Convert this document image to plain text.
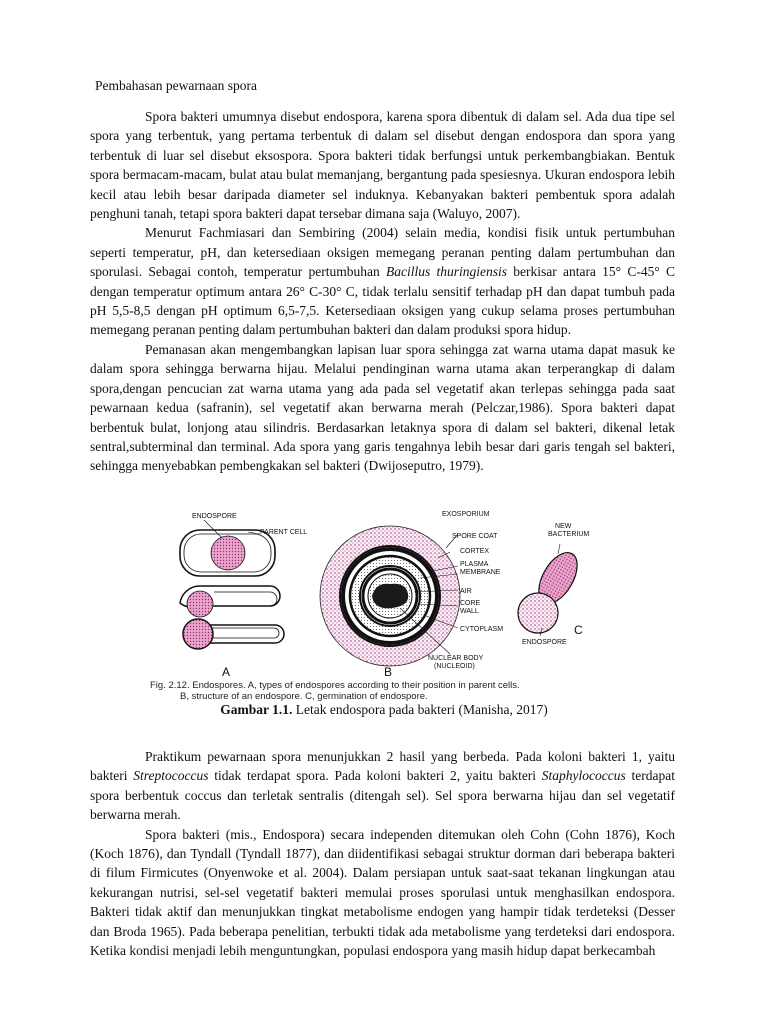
Pembahasan pewarnaan spora

Spora bakteri umumnya disebut endospora, karena spora dibentuk di dalam sel. Ada dua tipe sel spora yang terbentuk, yang pertama terbentuk di dalam sel disebut dengan endospora dan spora yang terbentuk di luar sel disebut eksospora. Spora bakteri tidak berfungsi untuk perkembangbiakan. Bentuk spora bermacam-macam, bulat atau bulat memanjang, bergantung pada spesiesnya. Ukuran endospora lebih kecil atau lebih besar daripada diameter sel induknya. Kebanyakan bakteri pembentuk spora adalah penghuni tanah, tetapi spora bakteri dapat tersebar dimana saja (Waluyo, 2007).

Menurut Fachmiasari dan Sembiring (2004) selain media, kondisi fisik untuk pertumbuhan seperti temperatur, pH, dan ketersediaan oksigen memegang peranan penting dalam pertumbuhan dan sporulasi. Sebagai contoh, temperatur pertumbuhan Bacillus thuringiensis berkisar antara 15° C-45° C dengan temperatur optimum antara 26° C-30° C, tidak terlalu sensitif terhadap pH dan dapat tumbuh pada pH 5,5-8,5 dengan pH optimum 6,5-7,5. Ketersediaan oksigen yang cukup selama proses pertumbuhan memegang peranan penting dalam pertumbuhan bakteri dan dalam produksi spora hidup.

Pemanasan akan mengembangkan lapisan luar spora sehingga zat warna utama dapat masuk ke dalam spora sehingga berwarna hijau. Melalui pendinginan warna utama akan terperangkap di dalam spora,dengan pencucian zat warna utama yang ada pada sel vegetatif akan terlepas sehingga pada saat pewarnaan kedua (safranin), sel vegetatif akan berwarna merah (Pelczar,1986). Spora bakteri dapat berbentuk bulat, lonjong atau silindris. Berdasarkan letaknya spora di dalam sel bakteri, dikenal letak sentral,subterminal dan terminal. Ada spora yang garis tengahnya lebih besar dari garis tengah sel bakteri, sehingga menyebabkan pembengkakan sel bakteri (Dwijoseputro, 1979).

ENDOSPORE
PARENT CELL
A
EXOSPORIUM
SPORE COAT
CORTEX
PLASMA
MEMBRANE
AIR
CORE
WALL
CYTOPLASM
NUCLEAR BODY
(NUCLEOID)
B
NEW
BACTERIUM
ENDOSPORE
C
Fig. 2.12. Endospores. A, types of endospores according to their position in parent cells.
B, structure of an endospore. C, germination of endospore.
Gambar 1.1. Letak endospora pada bakteri (Manisha, 2017)

Praktikum pewarnaan spora menunjukkan 2 hasil yang berbeda. Pada koloni bakteri 1, yaitu bakteri Streptococcus tidak terdapat spora. Pada koloni bakteri 2, yaitu bakteri Staphylococcus terdapat spora berbentuk coccus dan terletak sentralis (ditengah sel). Sel spora berwarna hijau dan sel vegetatif berwarna merah.

Spora bakteri (mis., Endospora) secara independen ditemukan oleh Cohn (Cohn 1876), Koch (Koch 1876), dan Tyndall (Tyndall 1877), dan diidentifikasi sebagai struktur dorman dari beberapa bakteri di filum Firmicutes (Onyenwoke et al. 2004). Dalam persiapan untuk saat-saat tekanan lingkungan atau kekurangan nutrisi, sel-sel vegetatif bakteri memulai proses sporulasi untuk menghasilkan endospora. Bakteri tidak aktif dan menunjukkan tingkat metabolisme endogen yang hampir tidak terdeteksi (Desser dan Broda 1965). Pada beberapa penelitian, terbukti tidak ada metabolisme yang terdeteksi dari endospora. Ketika kondisi menjadi lebih menguntungkan, populasi endospora yang masih hidup dapat berkecambah
